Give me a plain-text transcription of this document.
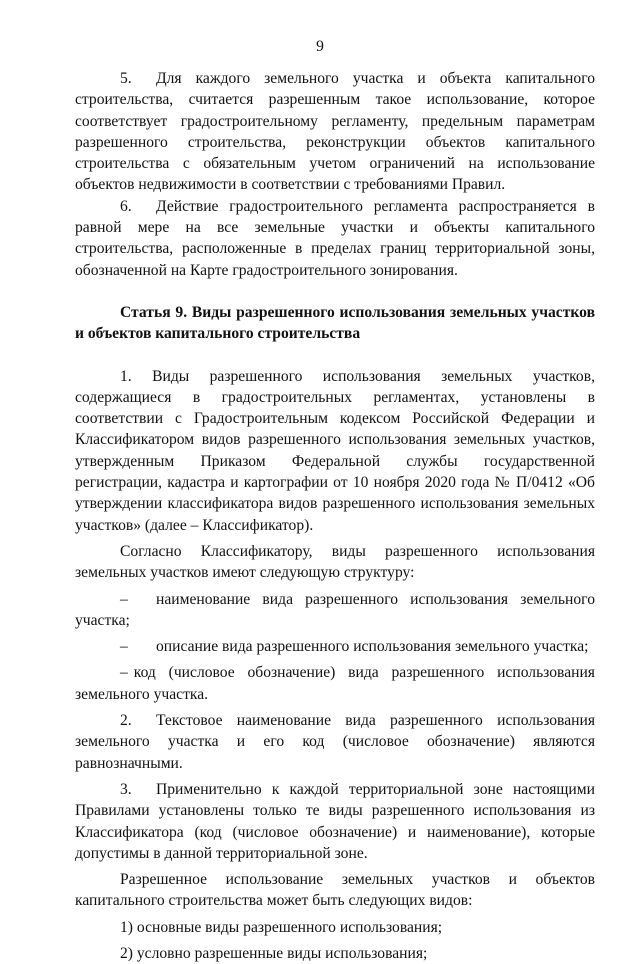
9

5. Для каждого земельного участка и объекта капитального строительства, считается разрешенным такое использование, которое соответствует градостроительному регламенту, предельным параметрам разрешенного строительства, реконструкции объектов капитального строительства с обязательным учетом ограничений на использование объектов недвижимости в соответствии с требованиями Правил.

6. Действие градостроительного регламента распространяется в равной мере на все земельные участки и объекты капитального строительства, расположенные в пределах границ территориальной зоны, обозначенной на Карте градостроительного зонирования.

Статья 9. Виды разрешенного использования земельных участков и объектов капитального строительства

1. Виды разрешенного использования земельных участков, содержащиеся в градостроительных регламентах, установлены в соответствии с Градостроительным кодексом Российской Федерации и Классификатором видов разрешенного использования земельных участков, утвержденным Приказом Федеральной службы государственной регистрации, кадастра и картографии от 10 ноября 2020 года № П/0412 «Об утверждении классификатора видов разрешенного использования земельных участков» (далее – Классификатор).

Согласно Классификатору, виды разрешенного использования земельных участков имеют следующую структуру:

– наименование вида разрешенного использования земельного участка;

– описание вида разрешенного использования земельного участка;

– код (числовое обозначение) вида разрешенного использования земельного участка.

2. Текстовое наименование вида разрешенного использования земельного участка и его код (числовое обозначение) являются равнозначными.

3. Применительно к каждой территориальной зоне настоящими Правилами установлены только те виды разрешенного использования из Классификатора (код (числовое обозначение) и наименование), которые допустимы в данной территориальной зоне.

Разрешенное использование земельных участков и объектов капитального строительства может быть следующих видов:

1) основные виды разрешенного использования;

2) условно разрешенные виды использования;
